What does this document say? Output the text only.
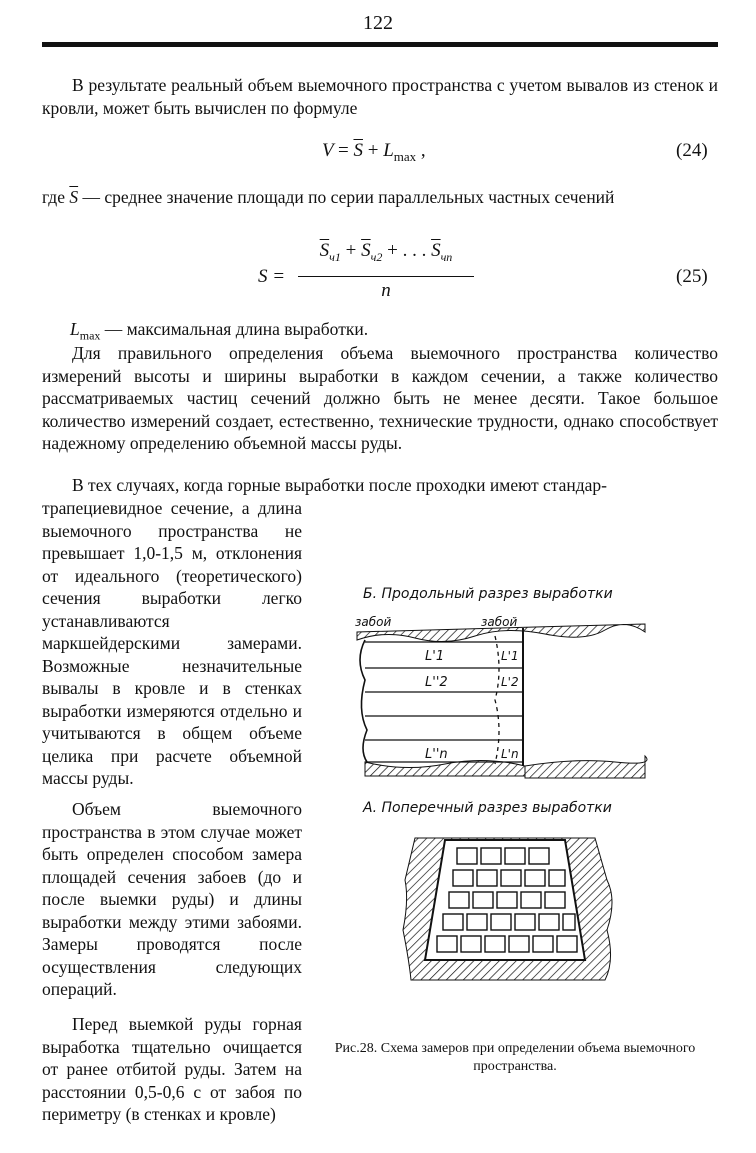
122
В результате реальный объем выемочного пространства с учетом вывалов из стенок и кровли, может быть вычислен по формуле
$V = \overline{S} + L_{max}$ ,	(24)
где $\overline{S}$ — среднее значение площади по серии параллельных частных сечений
S =
$\overline{S}_{ч1} + \overline{S}_{ч2}$ + . . . $\overline{S}_{чn}$
n
(25)
$L_{max}$ — максимальная длина выработки.
Для правильного определения объема выемочного пространства количество измерений высоты и ширины выработки в каждом сечении, а также количество рассматриваемых частиц сечений должно быть не менее десяти. Такое большое количество измерений создает, естественно, технические трудности, однако способствует надежному определению объемной массы руды.
В тех случаях, когда горные выработки после проходки имеют стандар-
трапециевидное сечение, а длина выемочного пространства не превышает 1,0-1,5 м, отклонения от идеального (теоретического) сечения выработки легко устанавливаются маркшейдерскими замерами. Возможные незначительные вывалы в кровле и в стенках выработки измеряются отдельно и учитываются в общем объеме целика при расчете объемной массы руды.
Объем выемочного пространства в этом случае может быть определен способом замера площадей сечения забоев (до и после выемки руды) и длины выработки между этими забоями. Замеры проводятся после осуществления следующих операций.
Перед выемкой руды горная выработка тщательно очищается от ранее отбитой руды. Затем на расстоянии 0,5-0,6 с от забоя по периметру (в стенках и кровле)
Б. Продольный разрез выработки
забой	забой
L'1
L''2
L''n
L'1
L'2
L'n
А. Поперечный разрез выработки
Рис.28. Схема замеров при определении объема выемочного пространства.
